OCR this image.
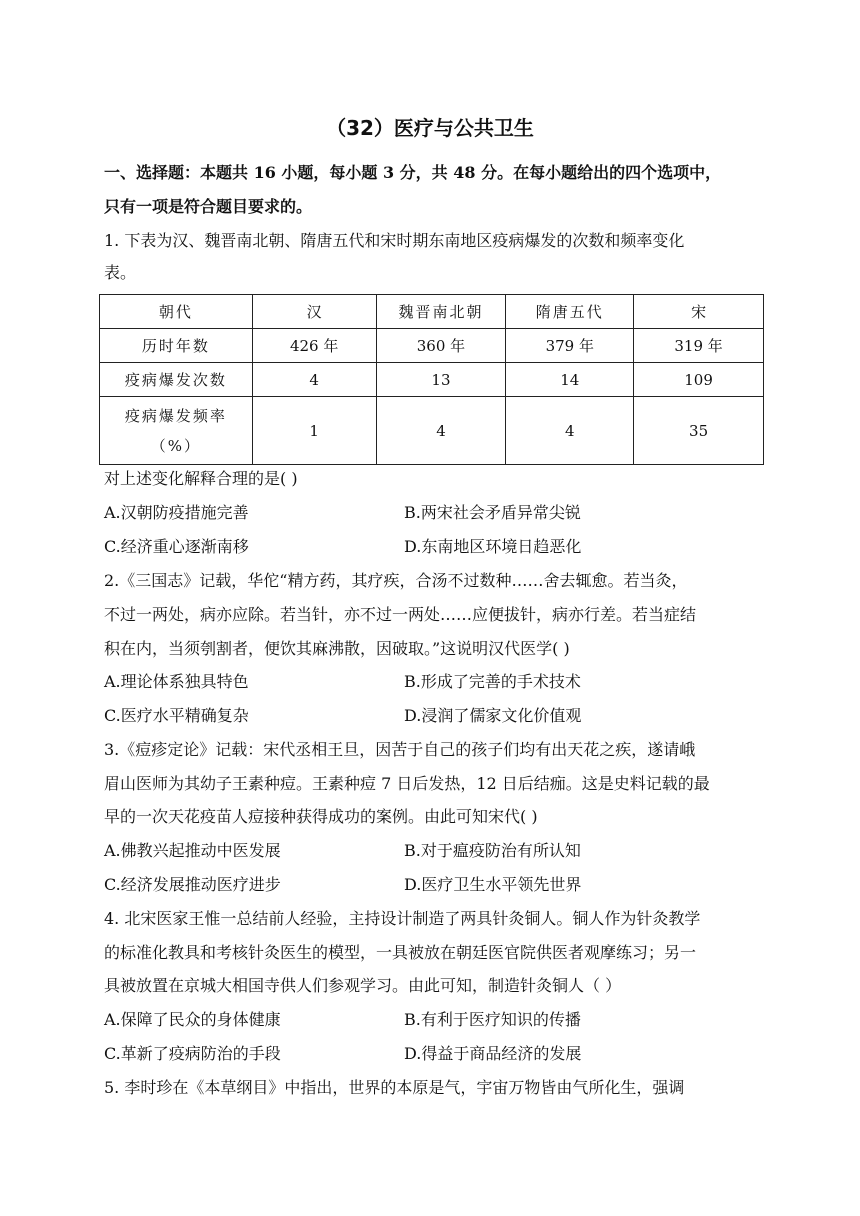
（32）医疗与公共卫生
一、选择题：本题共 16 小题，每小题 3 分，共 48 分。在每小题给出的四个选项中，
只有一项是符合题目要求的。
1. 下表为汉、魏晋南北朝、隋唐五代和宋时期东南地区疫病爆发的次数和频率变化
表。
朝代	汉	魏晋南北朝	隋唐五代	宋
历时年数	426 年	360 年	379 年	319 年
疫病爆发次数	4	13	14	109

疫病爆发频率
（%）	1	4	4	35
对上述变化解释合理的是( )
A.汉朝防疫措施完善	B.两宋社会矛盾异常尖锐
C.经济重心逐渐南移	D.东南地区环境日趋恶化
2.《三国志》记载，华佗“精方药，其疗疾，合汤不过数种……舍去辄愈。若当灸，
不过一两处，病亦应除。若当针，亦不过一两处……应便拔针，病亦行差。若当症结
积在内，当须刳割者，便饮其麻沸散，因破取。”这说明汉代医学( )
A.理论体系独具特色	B.形成了完善的手术技术
C.医疗水平精确复杂	D.浸润了儒家文化价值观
3.《痘疹定论》记载：宋代丞相王旦，因苦于自己的孩子们均有出天花之疾，遂请峨
眉山医师为其幼子王素种痘。王素种痘 7 日后发热，12 日后结痂。这是史料记载的最
早的一次天花疫苗人痘接种获得成功的案例。由此可知宋代( )
A.佛教兴起推动中医发展	B.对于瘟疫防治有所认知
C.经济发展推动医疗进步	D.医疗卫生水平领先世界
4. 北宋医家王惟一总结前人经验，主持设计制造了两具针灸铜人。铜人作为针灸教学
的标准化教具和考核针灸医生的模型，一具被放在朝廷医官院供医者观摩练习；另一
具被放置在京城大相国寺供人们参观学习。由此可知，制造针灸铜人（ ）
A.保障了民众的身体健康	B.有利于医疗知识的传播
C.革新了疫病防治的手段	D.得益于商品经济的发展
5. 李时珍在《本草纲目》中指出，世界的本原是气，宇宙万物皆由气所化生，强调
